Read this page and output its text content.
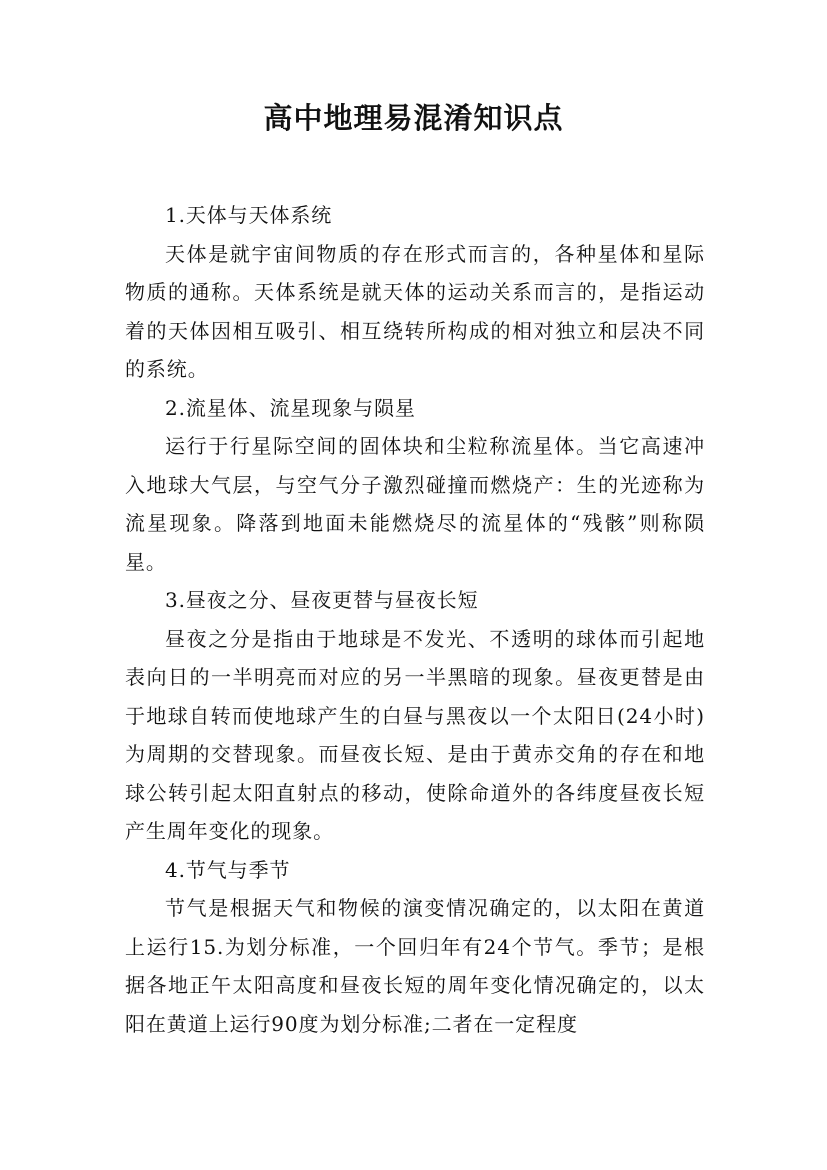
高中地理易混淆知识点

1.天体与天体系统

天体是就宇宙间物质的存在形式而言的，各种星体和星际物质的通称。天体系统是就天体的运动关系而言的，是指运动着的天体因相互吸引、相互绕转所构成的相对独立和层决不同的系统。

2.流星体、流星现象与陨星

运行于行星际空间的固体块和尘粒称流星体。当它高速冲入地球大气层，与空气分子激烈碰撞而燃烧产：生的光迹称为流星现象。降落到地面未能燃烧尽的流星体的“残骸”则称陨星。

3.昼夜之分、昼夜更替与昼夜长短

昼夜之分是指由于地球是不发光、不透明的球体而引起地表向日的一半明亮而对应的另一半黑暗的现象。昼夜更替是由于地球自转而使地球产生的白昼与黑夜以一个太阳日(24小时)为周期的交替现象。而昼夜长短、是由于黄赤交角的存在和地球公转引起太阳直射点的移动，使除命道外的各纬度昼夜长短产生周年变化的现象。

4.节气与季节

节气是根据天气和物候的演变情况确定的，以太阳在黄道上运行15.为划分标准，一个回归年有24个节气。季节；是根据各地正午太阳高度和昼夜长短的周年变化情况确定的，以太阳在黄道上运行90度为划分标准;二者在一定程度
